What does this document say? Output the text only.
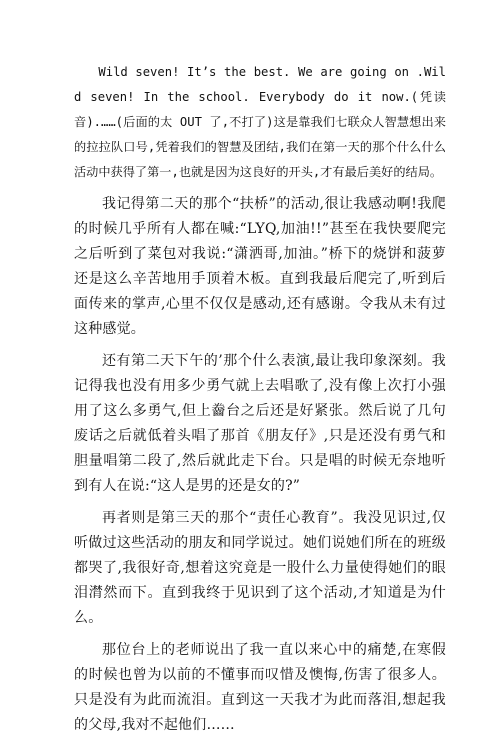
Wild seven! It’s the best. We are going on .Wild seven! In the school. Everybody do it now.(凭读音).……(后面的太 OUT 了,不打了)这是靠我们七联众人智慧想出来的拉拉队口号,凭着我们的智慧及团结,我们在第一天的那个什么什么活动中获得了第一,也就是因为这良好的开头,才有最后美好的结局。

我记得第二天的那个“扶桥”的活动,很让我感动啊!我爬的时候几乎所有人都在喊:“LYQ,加油!!”甚至在我快要爬完之后听到了菜包对我说:“潇洒哥,加油。”桥下的烧饼和菠萝还是这么辛苦地用手顶着木板。直到我最后爬完了,听到后面传来的掌声,心里不仅仅是感动,还有感谢。令我从未有过这种感觉。

还有第二天下午的’那个什么表演,最让我印象深刻。我记得我也没有用多少勇气就上去唱歌了,没有像上次打小强用了这么多勇气,但上齤台之后还是好紧张。然后说了几句废话之后就低着头唱了那首《朋友仔》,只是还没有勇气和胆量唱第二段了,然后就此走下台。只是唱的时候无奈地听到有人在说:“这人是男的还是女的?”

再者则是第三天的那个“责任心教育”。我没见识过,仅听做过这些活动的朋友和同学说过。她们说她们所在的班级都哭了,我很好奇,想着这究竟是一股什么力量使得她们的眼泪潸然而下。直到我终于见识到了这个活动,才知道是为什么。

那位台上的老师说出了我一直以来心中的痛楚,在寒假的时候也曾为以前的不懂事而叹惜及懊悔,伤害了很多人。只是没有为此而流泪。直到这一天我才为此而落泪,想起我的父母,我对不起他们……
